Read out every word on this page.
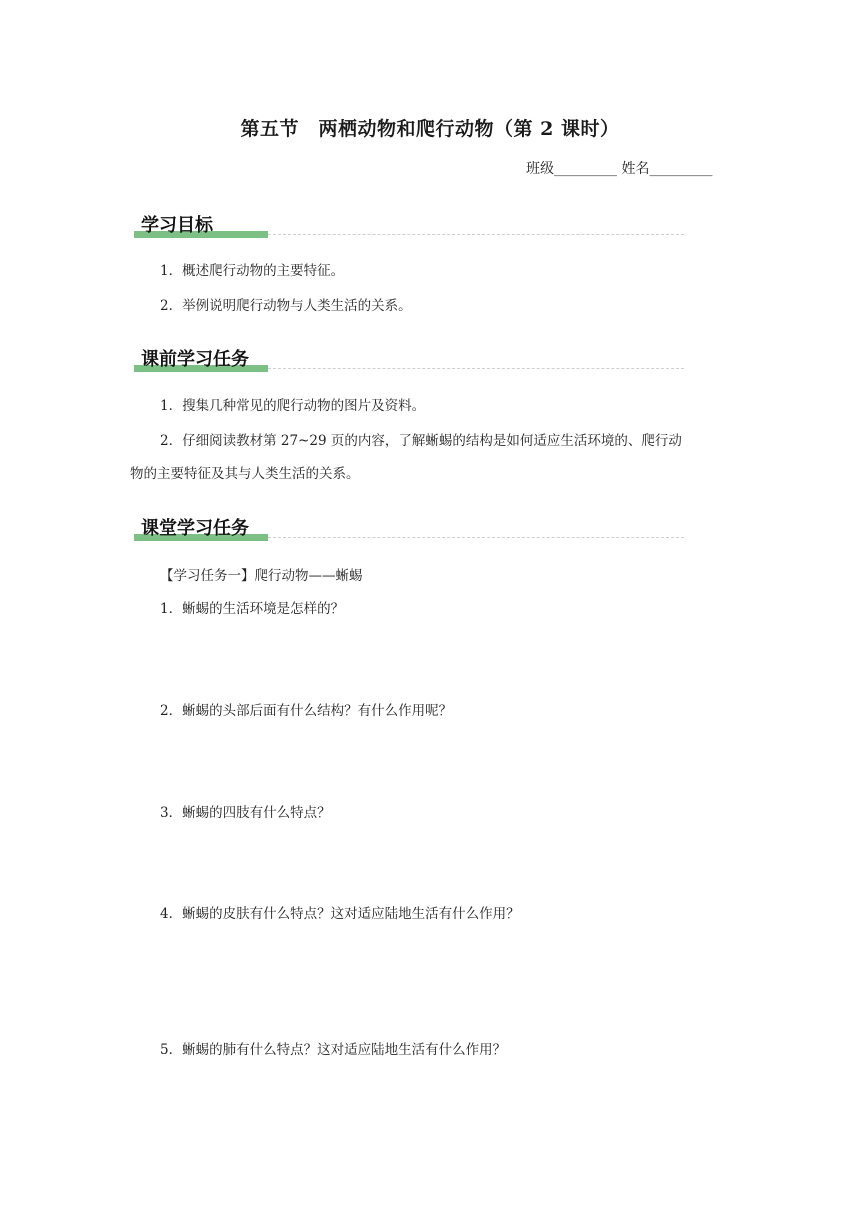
第五节　两栖动物和爬行动物（第 2 课时）
班级_________ 姓名_________
学习目标
1．概述爬行动物的主要特征。
2．举例说明爬行动物与人类生活的关系。
课前学习任务
1．搜集几种常见的爬行动物的图片及资料。
2．仔细阅读教材第 27~29 页的内容，了解蜥蜴的结构是如何适应生活环境的、爬行动
物的主要特征及其与人类生活的关系。
课堂学习任务
【学习任务一】爬行动物——蜥蜴
1．蜥蜴的生活环境是怎样的？
2．蜥蜴的头部后面有什么结构？有什么作用呢？
3．蜥蜴的四肢有什么特点？
4．蜥蜴的皮肤有什么特点？这对适应陆地生活有什么作用？
5．蜥蜴的肺有什么特点？这对适应陆地生活有什么作用？
